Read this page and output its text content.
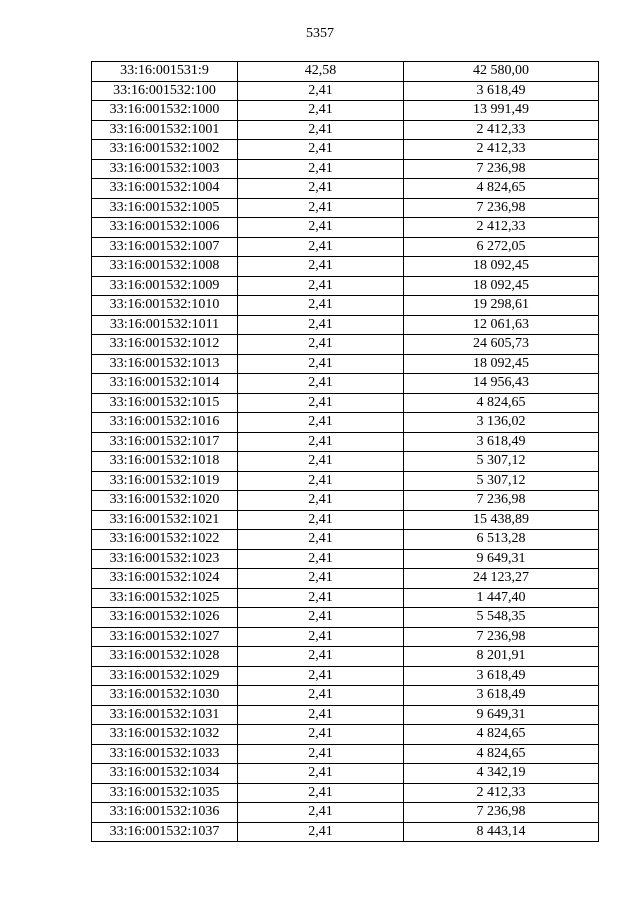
5357
33:16:001531:9	42,58	42 580,00
33:16:001532:100	2,41	3 618,49
33:16:001532:1000	2,41	13 991,49
33:16:001532:1001	2,41	2 412,33
33:16:001532:1002	2,41	2 412,33
33:16:001532:1003	2,41	7 236,98
33:16:001532:1004	2,41	4 824,65
33:16:001532:1005	2,41	7 236,98
33:16:001532:1006	2,41	2 412,33
33:16:001532:1007	2,41	6 272,05
33:16:001532:1008	2,41	18 092,45
33:16:001532:1009	2,41	18 092,45
33:16:001532:1010	2,41	19 298,61
33:16:001532:1011	2,41	12 061,63
33:16:001532:1012	2,41	24 605,73
33:16:001532:1013	2,41	18 092,45
33:16:001532:1014	2,41	14 956,43
33:16:001532:1015	2,41	4 824,65
33:16:001532:1016	2,41	3 136,02
33:16:001532:1017	2,41	3 618,49
33:16:001532:1018	2,41	5 307,12
33:16:001532:1019	2,41	5 307,12
33:16:001532:1020	2,41	7 236,98
33:16:001532:1021	2,41	15 438,89
33:16:001532:1022	2,41	6 513,28
33:16:001532:1023	2,41	9 649,31
33:16:001532:1024	2,41	24 123,27
33:16:001532:1025	2,41	1 447,40
33:16:001532:1026	2,41	5 548,35
33:16:001532:1027	2,41	7 236,98
33:16:001532:1028	2,41	8 201,91
33:16:001532:1029	2,41	3 618,49
33:16:001532:1030	2,41	3 618,49
33:16:001532:1031	2,41	9 649,31
33:16:001532:1032	2,41	4 824,65
33:16:001532:1033	2,41	4 824,65
33:16:001532:1034	2,41	4 342,19
33:16:001532:1035	2,41	2 412,33
33:16:001532:1036	2,41	7 236,98
33:16:001532:1037	2,41	8 443,14
